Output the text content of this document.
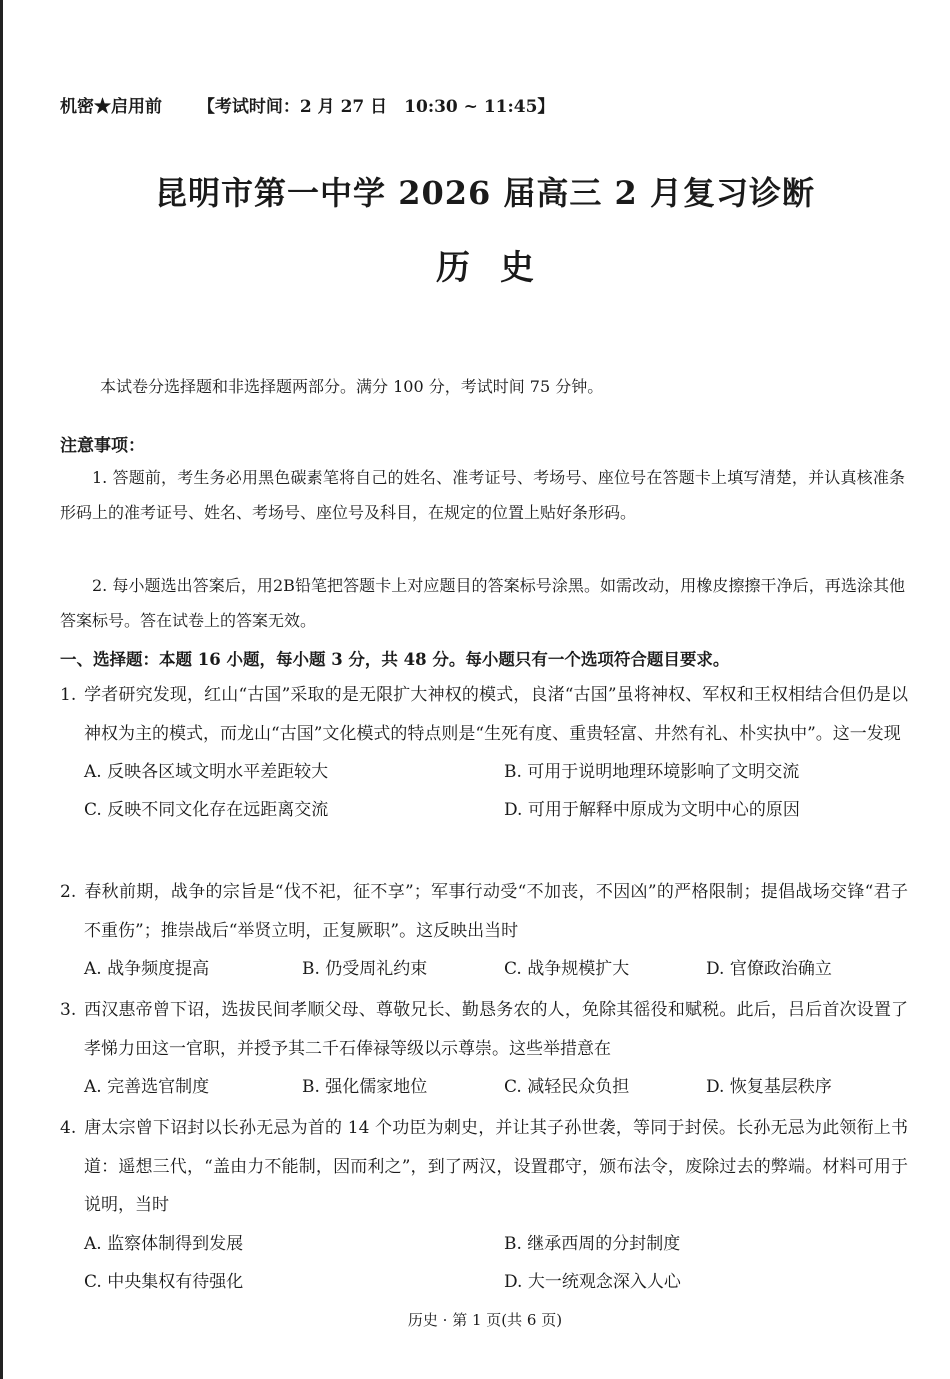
机密★启用前 【考试时间：2 月 27 日　10:30 ~ 11:45】
昆明市第一中学 2026 届高三 2 月复习诊断
历史
本试卷分选择题和非选择题两部分。满分 100 分，考试时间 75 分钟。
注意事项：

1. 答题前，考生务必用黑色碳素笔将自己的姓名、准考证号、考场号、座位号在答题卡上填写清楚，并认真核准条形码上的准考证号、姓名、考场号、座位号及科目，在规定的位置上贴好条形码。

2. 每小题选出答案后，用2B铅笔把答题卡上对应题目的答案标号涂黑。如需改动，用橡皮擦擦干净后，再选涂其他答案标号。答在试卷上的答案无效。

一、选择题：本题 16 小题，每小题 3 分，共 48 分。每小题只有一个选项符合题目要求。

1. 学者研究发现，红山“古国”采取的是无限扩大神权的模式，良渚“古国”虽将神权、军权和王权相结合但仍是以神权为主的模式，而龙山“古国”文化模式的特点则是“生死有度、重贵轻富、井然有礼、朴实执中”。这一发现

A. 反映各区域文明水平差距较大	B. 可用于说明地理环境影响了文明交流
C. 反映不同文化存在远距离交流	D. 可用于解释中原成为文明中心的原因

2. 春秋前期，战争的宗旨是“伐不祀，征不享”；军事行动受“不加丧，不因凶”的严格限制；提倡战场交锋“君子不重伤”；推崇战后“举贤立明，正复厥职”。这反映出当时

A. 战争频度提高	B. 仍受周礼约束	C. 战争规模扩大	D. 官僚政治确立

3. 西汉惠帝曾下诏，选拔民间孝顺父母、尊敬兄长、勤恳务农的人，免除其徭役和赋税。此后，吕后首次设置了孝悌力田这一官职，并授予其二千石俸禄等级以示尊崇。这些举措意在

A. 完善选官制度	B. 强化儒家地位	C. 减轻民众负担	D. 恢复基层秩序

4. 唐太宗曾下诏封以长孙无忌为首的 14 个功臣为刺史，并让其子孙世袭，等同于封侯。长孙无忌为此领衔上书道：遥想三代，“盖由力不能制，因而利之”，到了两汉，设置郡守，颁布法令，废除过去的弊端。材料可用于说明，当时

A. 监察体制得到发展	B. 继承西周的分封制度
C. 中央集权有待强化	D. 大一统观念深入人心
历史 · 第 1 页(共 6 页)
